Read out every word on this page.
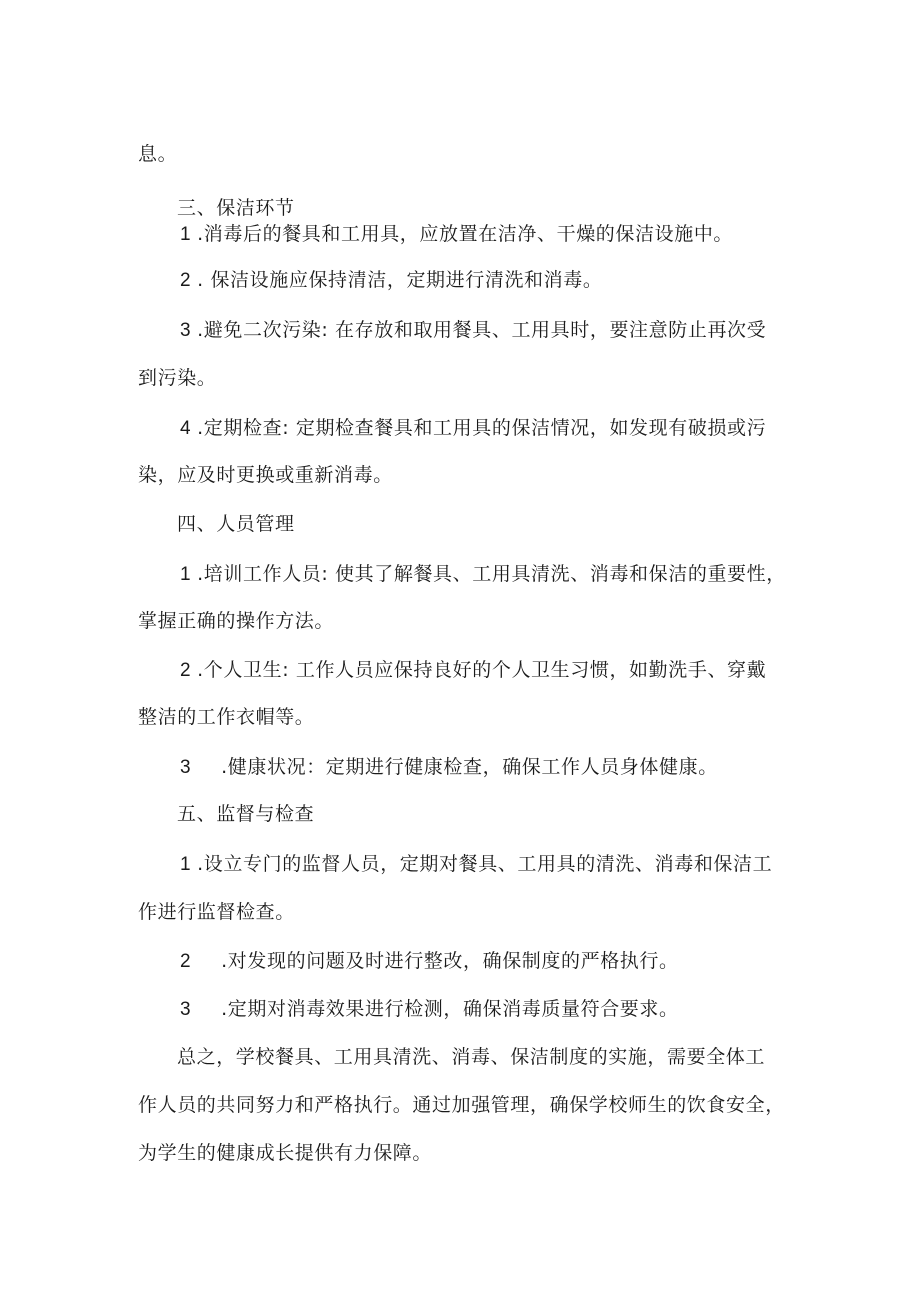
息。
三、保洁环节
1 .消毒后的餐具和工用具，应放置在洁净、干燥的保洁设施中。
2 . 保洁设施应保持清洁，定期进行清洗和消毒。
3 .避免二次污染: 在存放和取用餐具、工用具时，要注意防止再次受
到污染。
4 .定期检查: 定期检查餐具和工用具的保洁情况，如发现有破损或污
染，应及时更换或重新消毒。
四、人员管理
1 .培训工作人员: 使其了解餐具、工用具清洗、消毒和保洁的重要性，
掌握正确的操作方法。
2 .个人卫生: 工作人员应保持良好的个人卫生习惯，如勤洗手、穿戴
整洁的工作衣帽等。
3 .健康状况：定期进行健康检查，确保工作人员身体健康。
五、监督与检查
1 .设立专门的监督人员，定期对餐具、工用具的清洗、消毒和保洁工
作进行监督检查。
2 .对发现的问题及时进行整改，确保制度的严格执行。
3 .定期对消毒效果进行检测，确保消毒质量符合要求。
总之，学校餐具、工用具清洗、消毒、保洁制度的实施，需要全体工
作人员的共同努力和严格执行。通过加强管理，确保学校师生的饮食安全，
为学生的健康成长提供有力保障。
